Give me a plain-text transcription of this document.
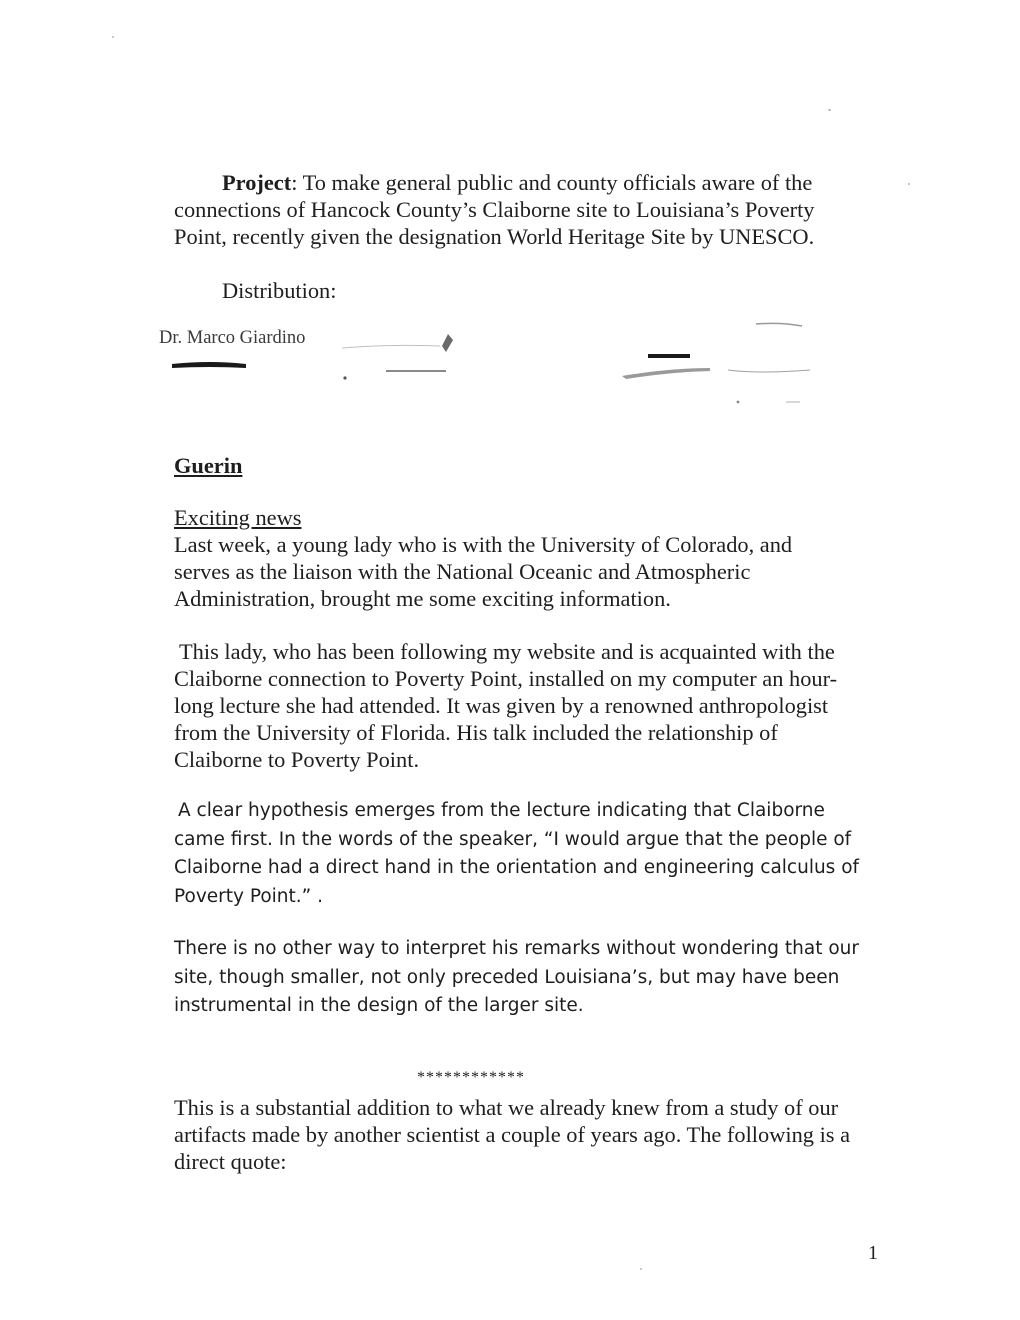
Project: To make general public and county officials aware of the
connections of Hancock County’s Claiborne site to Louisiana’s Poverty
Point, recently given the designation World Heritage Site by UNESCO.
Distribution:
Dr. Marco Giardino
Guerin
Exciting news
Last week, a young lady who is with the University of Colorado, and
serves as the liaison with the National Oceanic and Atmospheric
Administration, brought me some exciting information.
This lady, who has been following my website and is acquainted with the
Claiborne connection to Poverty Point, installed on my computer an hour-
long lecture she had attended. It was given by a renowned anthropologist
from the University of Florida. His talk included the relationship of
Claiborne to Poverty Point.
A clear hypothesis emerges from the lecture indicating that Claiborne
came first. In the words of the speaker, “I would argue that the people of
Claiborne had a direct hand in the orientation and engineering calculus of
Poverty Point.” .
There is no other way to interpret his remarks without wondering that our
site, though smaller, not only preceded Louisiana’s, but may have been
instrumental in the design of the larger site.
************
This is a substantial addition to what we already knew from a study of our
artifacts made by another scientist a couple of years ago. The following is a
direct quote:
1
